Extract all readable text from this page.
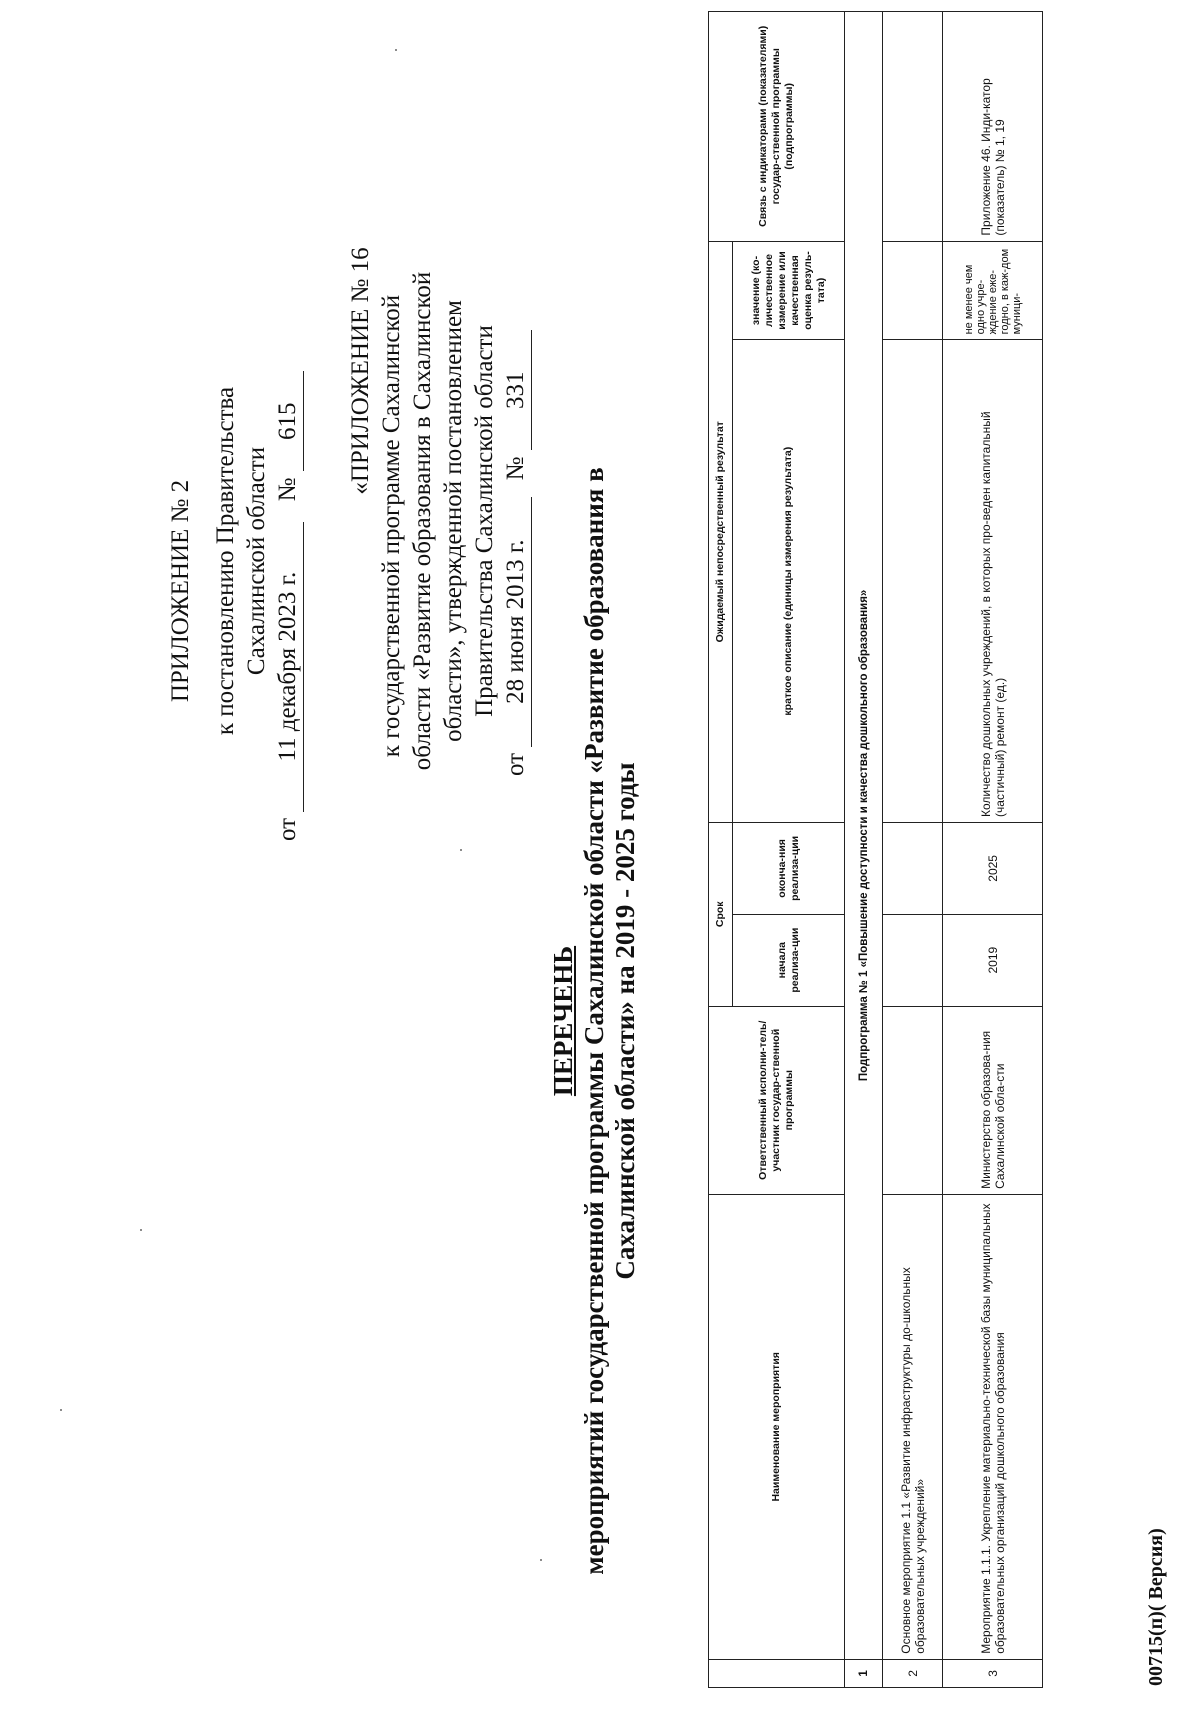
ПРИЛОЖЕНИЕ № 2 к постановлению Правительства Сахалинской области
от 11 декабря 2023 г. № 615 «ПРИЛОЖЕНИЕ № 16 к государственной программе Сахалинской области «Развитие образования в Сахалинской области», утвержденной постановлением Правительства Сахалинской области
от 28 июня 2013 г. № 331
ПЕРЕЧЕНЬ мероприятий государственной программы Сахалинской области «Развитие образования в Сахалинской области» на 2019 - 2025 годы
	Наименование мероприятия	Ответственный исполни-тель/участник государ-ственной программы	Срок		Ожидаемый непосредственный результат		Связь с индикаторами (показателями) государ-ственной программы (подпрограммы)
			начала реализа-ции	оконча-ния реализа-ции	краткое описание (единицы измерения результата)	значение (ко-личественное измерение или качественная оценка резуль-тата)	

1	Подпрограмма № 1 «Повышение доступности и качества дошкольного образования»						
2	Основное мероприятие 1.1 «Развитие инфраструктуры до-школьных образовательных учреждений»						
3	Мероприятие 1.1.1. Укрепление материально-технической базы муниципальных образовательных организаций дошкольного образования	Министерство образова-ния Сахалинской обла-сти	2019	2025	Количество дошкольных учреждений, в которых про-веден капитальный (частичный) ремонт (ед.)	не менее чем одно учре-ждение еже-годно, в каж-дом муници-	Приложение 46. Инди-катор (показатель) № 1, 19
00715(п)( Версия)
